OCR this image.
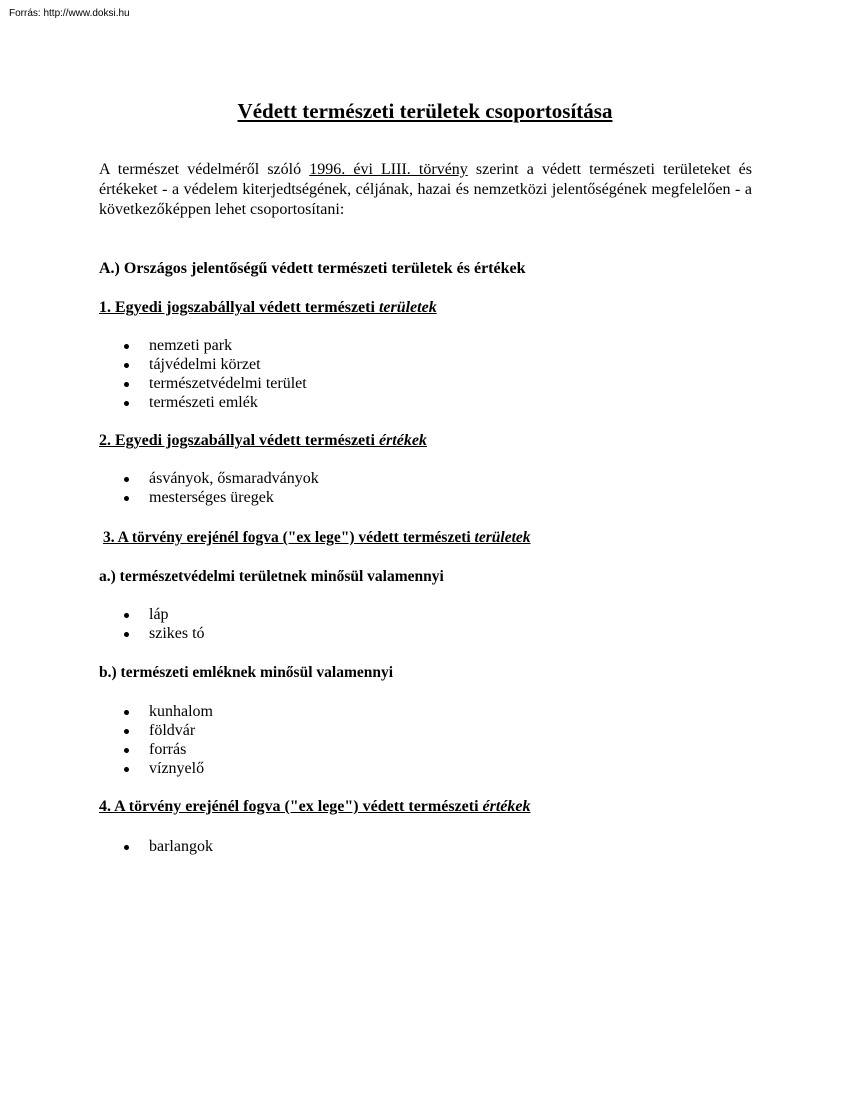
Forrás: http://www.doksi.hu
Védett természeti területek csoportosítása

A természet védelméről szóló 1996. évi LIII. törvény szerint a védett természeti területeket és értékeket - a védelem kiterjedtségének, céljának, hazai és nemzetközi jelentőségének megfelelően - a következőképpen lehet csoportosítani:

A.) Országos jelentőségű védett természeti területek és értékek
1. Egyedi jogszabállyal védett természeti területek
nemzeti park
tájvédelmi körzet
természetvédelmi terület
természeti emlék
2. Egyedi jogszabállyal védett természeti értékek
ásványok, ősmaradványok
mesterséges üregek
3. A törvény erejénél fogva ("ex lege") védett természeti területek
a.) természetvédelmi területnek minősül valamennyi
láp
szikes tó
b.) természeti emléknek minősül valamennyi
kunhalom
földvár
forrás
víznyelő
4. A törvény erejénél fogva ("ex lege") védett természeti értékek
barlangok
